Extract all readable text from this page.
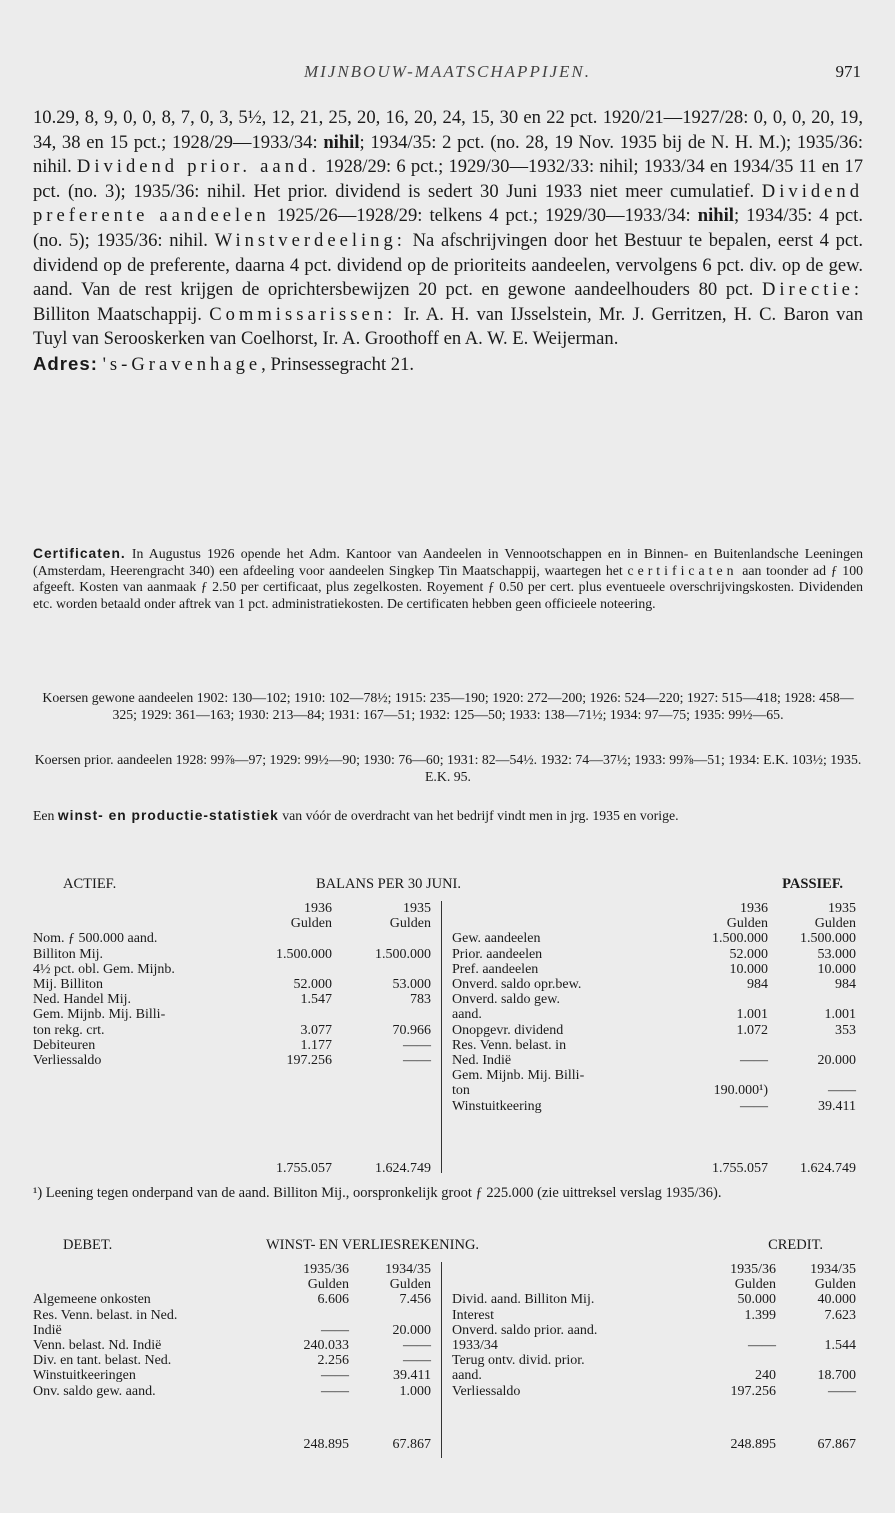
MIJNBOUW-MAATSCHAPPIJEN.	971
10.29, 8, 9, 0, 0, 8, 7, 0, 3, 5½, 12, 21, 25, 20, 16, 20, 24, 15, 30 en 22 pct. 1920/21—1927/28: 0, 0, 0, 20, 19, 34, 38 en 15 pct.; 1928/29—1933/34: nihil; 1934/35: 2 pct. (no. 28, 19 Nov. 1935 bij de N. H. M.); 1935/36: nihil. Dividend prior. aand. 1928/29: 6 pct.; 1929/30—1932/33: nihil; 1933/34 en 1934/35 11 en 17 pct. (no. 3); 1935/36: nihil. Het prior. dividend is sedert 30 Juni 1933 niet meer cumulatief. Dividend preferente aandeelen 1925/26—1928/29: telkens 4 pct.; 1929/30—1933/34: nihil; 1934/35: 4 pct. (no. 5); 1935/36: nihil. Winstverdeeling: Na afschrijvingen door het Bestuur te bepalen, eerst 4 pct. dividend op de preferente, daarna 4 pct. dividend op de prioriteits aandeelen, vervolgens 6 pct. div. op de gew. aand. Van de rest krijgen de oprichtersbewijzen 20 pct. en gewone aandeelhouders 80 pct. Directie: Billiton Maatschappij. Commissarissen: Ir. A. H. van IJsselstein, Mr. J. Gerritzen, H. C. Baron van Tuyl van Serooskerken van Coelhorst, Ir. A. Groothoff en A. W. E. Weijerman.
Adres: 's-Gravenhage, Prinsessegracht 21.
Certificaten. In Augustus 1926 opende het Adm. Kantoor van Aandeelen in Vennootschappen en in Binnen- en Buitenlandsche Leeningen (Amsterdam, Heerengracht 340) een afdeeling voor aandeelen Singkep Tin Maatschappij, waartegen het certificaten aan toonder ad ƒ 100 afgeeft. Kosten van aanmaak ƒ 2.50 per certificaat, plus zegelkosten. Royement ƒ 0.50 per cert. plus eventueele overschrijvingskosten. Dividenden etc. worden betaald onder aftrek van 1 pct. administratiekosten. De certificaten hebben geen officieele noteering.
Koersen gewone aandeelen 1902: 130—102; 1910: 102—78½; 1915: 235—190; 1920: 272—200; 1926: 524—220; 1927: 515—418; 1928: 458—325; 1929: 361—163; 1930: 213—84; 1931: 167—51; 1932: 125—50; 1933: 138—71½; 1934: 97—75; 1935: 99½—65.
Koersen prior. aandeelen 1928: 99⅞—97; 1929: 99½—90; 1930: 76—60; 1931: 82—54½. 1932: 74—37½; 1933: 99⅞—51; 1934: E.K. 103½; 1935. E.K. 95.
Een winst- en productie-statistiek van vóór de overdracht van het bedrijf vindt men in jrg. 1935 en vorige.
ACTIEF.	BALANS PER 30 JUNI.	PASSIEF.
	1936	1935
	Gulden	Gulden
Nom. ƒ 500.000 aand.		
Billiton Mij.	1.500.000	1.500.000
4½ pct. obl. Gem. Mijnb.		
Mij. Billiton	52.000	53.000
Ned. Handel Mij.	1.547	783
Gem. Mijnb. Mij. Billi-		
ton rekg. crt.	3.077	70.966
Debiteuren	1.177	——
Verliessaldo	197.256	——
	1936	1935
	Gulden	Gulden
Gew. aandeelen	1.500.000	1.500.000
Prior. aandeelen	52.000	53.000
Pref. aandeelen	10.000	10.000
Onverd. saldo opr.bew.	984	984
Onverd. saldo gew.		
aand.	1.001	1.001
Onopgevr. dividend	1.072	353
Res. Venn. belast. in		
Ned. Indië	——	20.000
Gem. Mijnb. Mij. Billi-		
ton	190.000¹)	——
Winstuitkeering	——	39.411
	1.755.057	1.624.749
		1.755.057	1.624.749
¹) Leening tegen onderpand van de aand. Billiton Mij., oorspronkelijk groot ƒ 225.000 (zie uittreksel verslag 1935/36).
DEBET.	WINST- EN VERLIESREKENING.	CREDIT.
	1935/36	1934/35
	Gulden	Gulden
Algemeene onkosten	6.606	7.456
Res. Venn. belast. in Ned.		
Indië	——	20.000
Venn. belast. Nd. Indië	240.033	——
Div. en tant. belast. Ned.	2.256	——
Winstuitkeeringen	——	39.411
Onv. saldo gew. aand.	——	1.000
	1935/36	1934/35
	Gulden	Gulden
Divid. aand. Billiton Mij.	50.000	40.000
Interest	1.399	7.623
Onverd. saldo prior. aand.		
1933/34	——	1.544
Terug ontv. divid. prior.		
aand.	240	18.700
Verliessaldo	197.256	——
	248.895	67.867
		248.895	67.867
